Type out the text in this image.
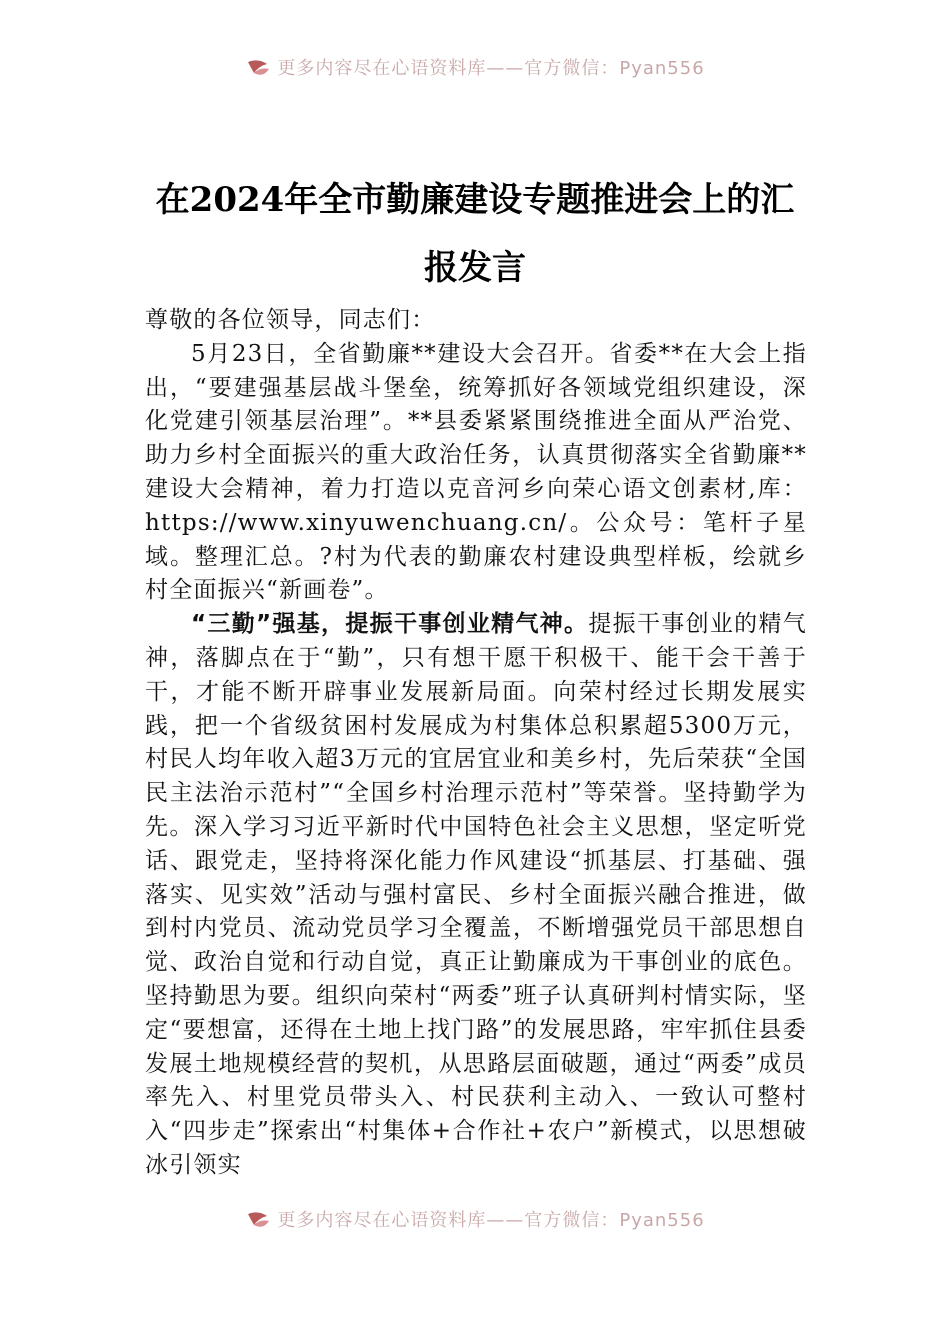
更多内容尽在心语资料库——官方微信：Pyan556
在2024年全市勤廉建设专题推进会上的汇报发言

尊敬的各位领导，同志们：

5月23日，全省勤廉**建设大会召开。省委**在大会上指出，“要建强基层战斗堡垒，统筹抓好各领域党组织建设，深化党建引领基层治理”。**县委紧紧围绕推进全面从严治党、助力乡村全面振兴的重大政治任务，认真贯彻落实全省勤廉**建设大会精神，着力打造以克音河乡向荣心语文创素材,库：https://www.xinyuwenchuang.cn/。公众号：笔杆子星域。整理汇总。?村为代表的勤廉农村建设典型样板，绘就乡村全面振兴“新画卷”。

“三勤”强基，提振干事创业精气神。提振干事创业的精气神，落脚点在于“勤”，只有想干愿干积极干、能干会干善于干，才能不断开辟事业发展新局面。向荣村经过长期发展实践，把一个省级贫困村发展成为村集体总积累超5300万元，村民人均年收入超3万元的宜居宜业和美乡村，先后荣获“全国民主法治示范村”“全国乡村治理示范村”等荣誉。坚持勤学为先。深入学习习近平新时代中国特色社会主义思想，坚定听党话、跟党走，坚持将深化能力作风建设“抓基层、打基础、强落实、见实效”活动与强村富民、乡村全面振兴融合推进，做到村内党员、流动党员学习全覆盖，不断增强党员干部思想自觉、政治自觉和行动自觉，真正让勤廉成为干事创业的底色。坚持勤思为要。组织向荣村“两委”班子认真研判村情实际，坚定“要想富，还得在土地上找门路”的发展思路，牢牢抓住县委发展土地规模经营的契机，从思路层面破题，通过“两委”成员率先入、村里党员带头入、村民获利主动入、一致认可整村入“四步走”探索出“村集体+合作社+农户”新模式，以思想破冰引领实

更多内容尽在心语资料库——官方微信：Pyan556
